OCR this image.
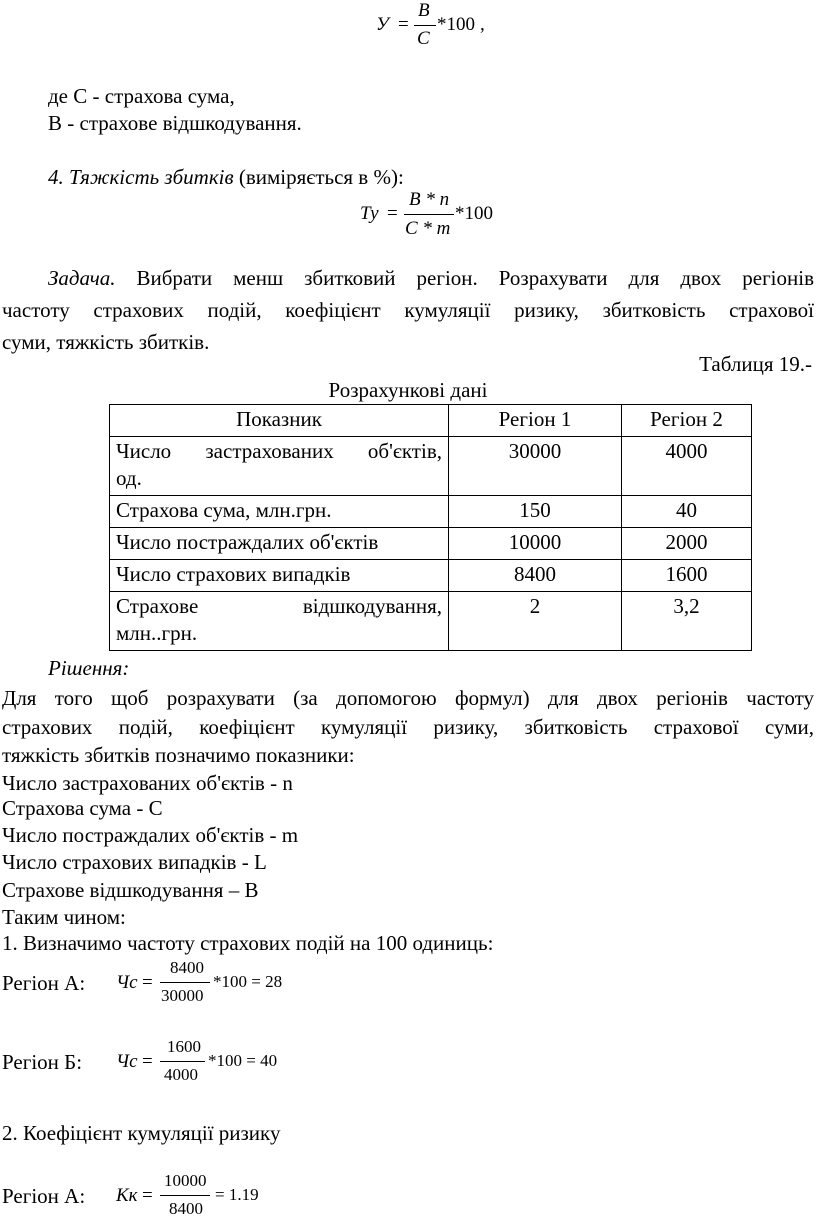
У =
В
С
*100 ,
де С - страхова сума,
В - страхове відшкодування.
4. Тяжкість збитків (виміряється в %):
Ту =
В * n
С * m
*100
Задача. Вибрати менш збитковий регіон. Розрахувати для двох регіонів
частоту страхових подій, коефіцієнт кумуляції ризику, збитковість страхової
суми, тяжкість збитків.
Таблиця 19.-
Розрахункові дані
Показник	Регіон 1	Регіон 2

Число застрахованих об'єктів,
од.	30000	4000
Страхова сума, млн.грн.	150	40
Число постраждалих об'єктів	10000	2000
Число страхових випадків	8400	1600

Страхове відшкодування,
млн..грн.	2	3,2
Рішення:
Для того щоб розрахувати (за допомогою формул) для двох регіонів частоту
страхових подій, коефіцієнт кумуляції ризику, збитковість страхової суми,
тяжкість збитків позначимо показники:
Число застрахованих об'єктів - n
Страхова сума - С
Число постраждалих об'єктів - m
Число страхових випадків - L
Страхове відшкодування – В
Таким чином:
1. Визначимо частоту страхових подій на 100 одиниць:
Регіон А: Чс =
8400
30000
*100 = 28
Регіон Б: Чс =
1600
4000
*100 = 40
2. Коефіцієнт кумуляції ризику
Регіон А: Кк =
10000
8400
= 1.19
